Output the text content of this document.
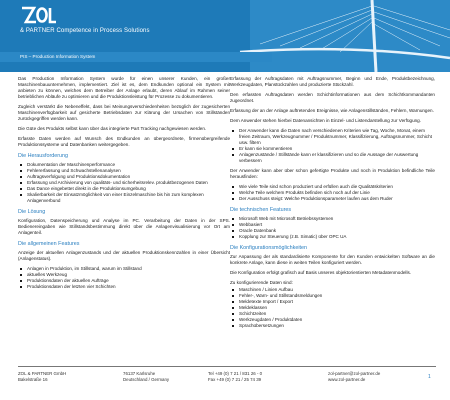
& PARTNER Competence in Process Solutions
PIS – Production Information System

Das Production Information System wurde für einen unserer Kunden, ein großer Maschinenbauunternehmen, implementiert. Ziel ist es, dem Endkunden optional ein System mit anbieten zu können, welches dem Betreiber der Anlage erlaubt, deren Ablauf im Rahmen seiner betrieblichen Abläufe zu optimieren und die Produktionsleistung für Prozesse zu dokumentieren.

Zugleich verstärkt die Nebeneffekt, dass bei Meinungsverschiedenheiten bezüglich der zugesicherten Maschinenverfügbarkeit auf gesicherte Betriebsdaten zur Klärung der Ursachen von Stillständen zurückgegriffen werden kann.

Die Güte des Produkts selbst kann über das integrierte Part Tracking nachgewiesen werden.

Erfasste Daten werden auf Wunsch des Endkunden an übergeordnete, firmenübergreifende Produktionssysteme und Datenbanken weitergegeben.

Die Herausforderung
Dokumentation der Maschinenperformance
Fehlererfassung und Schwachstellenanalysen
Auftragsverfolgung und Produktionsdokumentation
Erfassung und Archivierung von qualitäts- und sicherheitsrelev. produktbezogenen Daten
Das Dance eingebettet direkt in die Produktionsumgebung
Skalierbarkeit der Einsatzmöglichkeit von einer Einzelmaschine bis hin zum komplexen Anlagenverbund
Die Lösung

Konfiguration, Datenspeicherung und Analyse im PC. Verarbeitung der Daten in der SPS. Bedienereingaben wie Stillstandsbestimmung direkt über die Anlagenvisualisierung vor Ort am Anlagenteil.

Die allgemeinen Features

Anzeige der aktuellen Anlagenzustands und der aktuellen Produktionskennzahlen in einer Übersicht (Anlagenstatus).

Anlagen in Produktion, im Stillstand, warum im Stillstand
aktuelles Werkzeug
Produktionsdaten der aktuellen Aufträge
Produktionsdaten der letzten vier Schichten

Erfassung der Auftragsdaten mit Auftragsnummer, Beginn und Ende, Produktbezeichnung, Werkzeugdaten, Planstückzahlen und produzierte Stückzahl.

Den erfassten Auftragsdaten werden Schichtinformationen aus dem Schichtkommandanten zugeordnet.

Erfassung der an der Anlage auftretenden Ereignisse, wie Anlagenstillständen, Fehlern, Warnungen.

Dem Anwender stehen hierbei Datenansichten in Einzel- und Listendarstellung zur Verfügung.

Der Anwender kann die Daten nach verschiedenen Kriterien wie Tag, Woche, Monat, einem freien Zeitraum, Werkzeugnummer / Produktnummer, Klassifizierung, Auftragsnummer, Schicht usw. filtern
Er kann sie kommentieren
Anlagenzustände / Stillstände kann er klassifizieren und so die Aussage der Auswertung verbessern

Der Anwender kann aber über schon gefertigte Produkte und noch in Produktion befindliche Teile herausfinden:

Wie viele Teile sind schon produziert und erfüllen auch die Qualitätskriterien
Welche Teile welchem Produkts befinden sich noch auf der Linie
Der Ausschuss steigt: Welche Produktionsparameter laufen aus dem Ruder
Die technischen Features
Microsoft Web mit Microsoft Betriebssystemen
Webbasiert
Oracle Datenbank
Kopplung zur Steuerung (z.B. Simatic) über OPC UA
Die Konfigurationsmöglichkeiten

Zur Anpassung der als standardisierte Komponente für den Kunden entwickelten Software an die konkrete Anlage, kann diese in weiten Teilen konfiguriert werden.

Die Konfiguration erfolgt grafisch auf Basis unseres objektorientierten Metadatenmodells.

Zu konfigurierende Daten sind:

Maschinen / Linien Aufbau
Fehler-, Warn- und Stillstandsmeldungen
Meldetexte Import / Export
Meldeklassen
Schichtzeiten
Werkzeugdaten / Produktdaten
Sprachübersetzungen
ZOL & PARTNER GmbH
Bakelstraße 16
76137 Karlsruhe
Deutschland / Germany
Tel +49 (0) 7 21 / 831 26 - 0
Fax +49 (0) 7 21 / 25 74 39
zol-partner@zol-partner.de
www.zol-partner.de	1
